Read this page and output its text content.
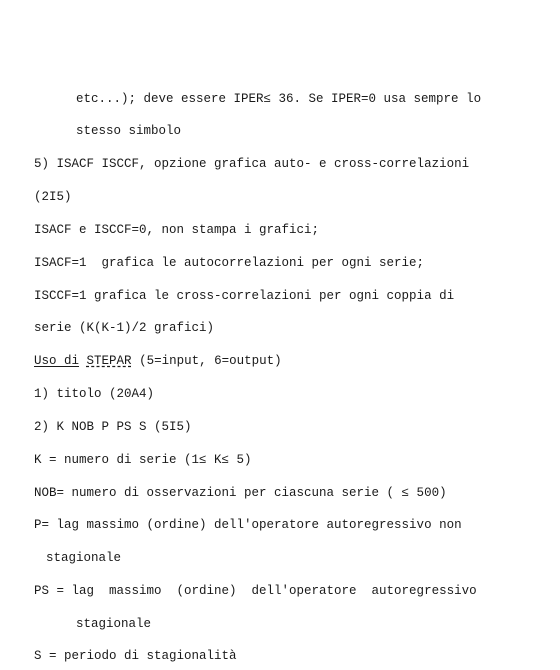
etc...); deve essere IPER≤ 36. Se IPER=0 usa sempre lo
stesso simbolo
5) ISACF ISCCF, opzione grafica auto- e cross-correlazioni
(2I5)
ISACF e ISCCF=0, non stampa i grafici;
ISACF=1  grafica le autocorrelazioni per ogni serie;
ISCCF=1 grafica le cross-correlazioni per ogni coppia di
serie (K(K-1)/2 grafici)
Uso di STEPAR (5=input, 6=output)
1) titolo (20A4)
2) K NOB P PS S (5I5)
K = numero di serie (1≤ K≤ 5)
NOB= numero di osservazioni per ciascuna serie ( ≤ 500)
P= lag massimo (ordine) dell'operatore autoregressivo non
stagionale
PS = lag  massimo  (ordine)  dell'operatore  autoregressivo
stagionale
S = periodo di stagionalità
